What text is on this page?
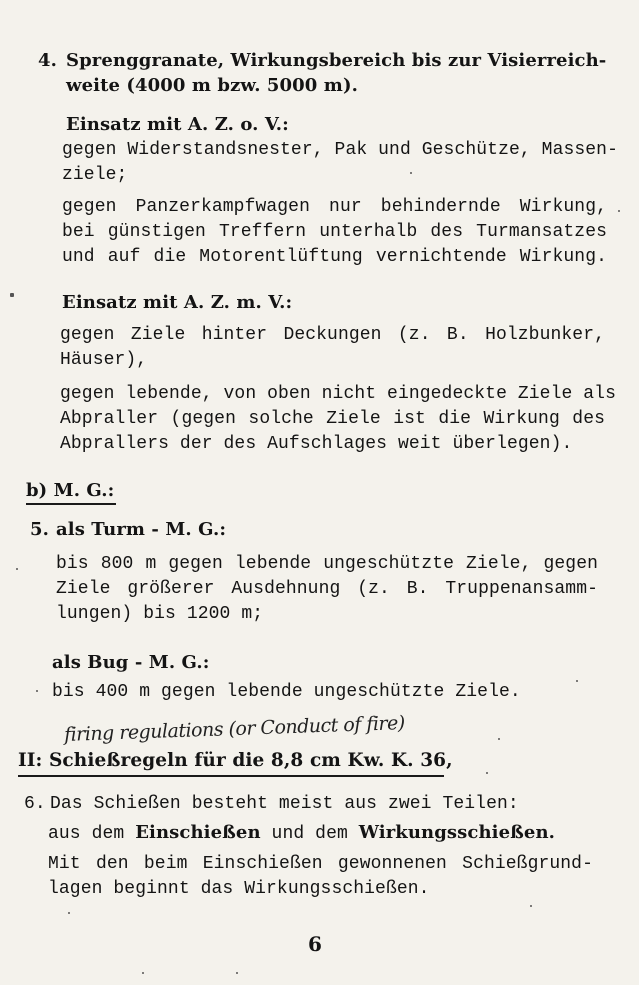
4. Sprenggranate, Wirkungsbereich bis zur Visierreich-
weite (4000 m bzw. 5000 m).
Einsatz mit A. Z. o. V.:
gegen Widerstandsnester, Pak und Geschütze, Massen-
ziele;
gegen Panzerkampfwagen nur behindernde Wirkung,
bei günstigen Treffern unterhalb des Turmansatzes
und auf die Motorentlüftung vernichtende Wirkung.
Einsatz mit A. Z. m. V.:
gegen Ziele hinter Deckungen (z. B. Holzbunker,
Häuser),
gegen lebende, von oben nicht eingedeckte Ziele als
Abpraller (gegen solche Ziele ist die Wirkung des
Abprallers der des Aufschlages weit überlegen).
b) M. G.:
5. als Turm - M. G.:
bis 800 m gegen lebende ungeschützte Ziele, gegen
Ziele größerer Ausdehnung (z. B. Truppenansamm-
lungen) bis 1200 m;
als Bug - M. G.:
bis 400 m gegen lebende ungeschützte Ziele.
firing regulations (or Conduct of fire)
II: Schießregeln für die 8,8 cm Kw. K. 36,
6. Das Schießen besteht meist aus zwei Teilen:
aus dem Einschießen und dem Wirkungsschießen.
Mit den beim Einschießen gewonnenen Schießgrund-
lagen beginnt das Wirkungsschießen.
6
